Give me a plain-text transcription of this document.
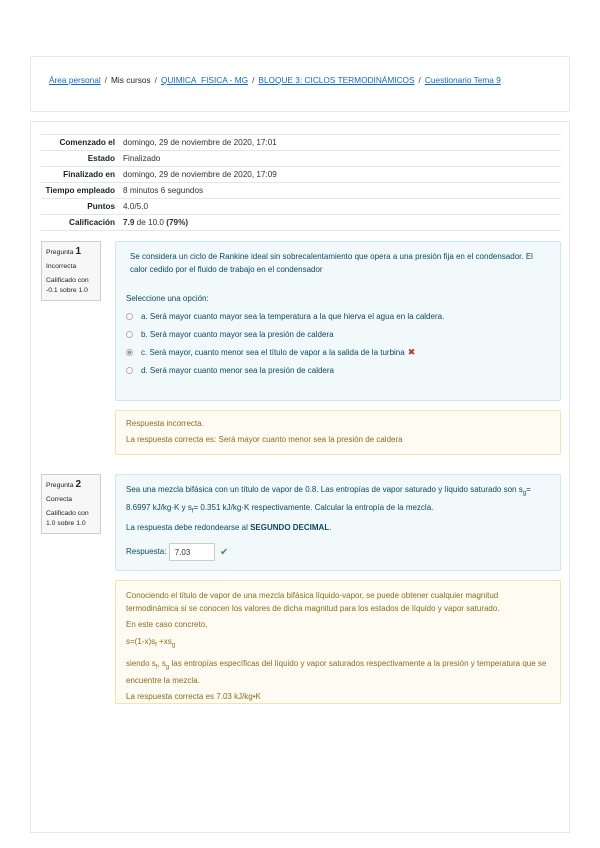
Área personal / Mis cursos / QUIMICA_FISICA - MG / BLOQUE 3: CICLOS TERMODINÁMICOS / Cuestionario Tema 9
Comenzado el domingo, 29 de noviembre de 2020, 17:01
Estado Finalizado
Finalizado en domingo, 29 de noviembre de 2020, 17:09
Tiempo empleado 8 minutos 6 segundos
Puntos 4.0/5.0
Calificación 7.9 de 10.0 (79%)
Pregunta 1
Incorrecta
Calificado con -0.1 sobre 1.0
Se considera un ciclo de Rankine ideal sin sobrecalentamiento que opera a una presión fija en el condensador. El calor cedido por el fluido de trabajo en el condensador
Seleccione una opción:
a. Será mayor cuanto mayor sea la temperatura a la que hierva el agua en la caldera.
b. Será mayor cuanto mayor sea la presión de caldera
c. Será mayor, cuanto menor sea el título de vapor a la salida de la turbina ✖
d. Será mayor cuanto menor sea la presión de caldera
Respuesta incorrecta.
La respuesta correcta es: Será mayor cuanto menor sea la presión de caldera
Pregunta 2
Correcta
Calificado con 1.0 sobre 1.0
Sea una mezcla bifásica con un título de vapor de 0.8. Las entropías de vapor saturado y líquido saturado son $s_g= 8.6997$ kJ/kg·K y $s_f= 0.351$ kJ/kg·K respectivamente. Calcular la entropía de la mezcla.
La respuesta debe redondearse al SEGUNDO DECIMAL.
Respuesta: 7.03	✔
Conociendo el título de vapor de una mezcla bifásica líquido-vapor, se puede obtener cualquier magnitud termodinámica si se conocen los valores de dicha magnitud para los estados de líquido y vapor saturado.
En este caso concreto,
$s=(1-x)s_f +xs_g$
siendo $s_f$, $s_g$ las entropías específicas del líquido y vapor saturados respectivamente a la presión y temperatura que se encuentre la mezcla.
La respuesta correcta es 7.03 kJ/kg•K
